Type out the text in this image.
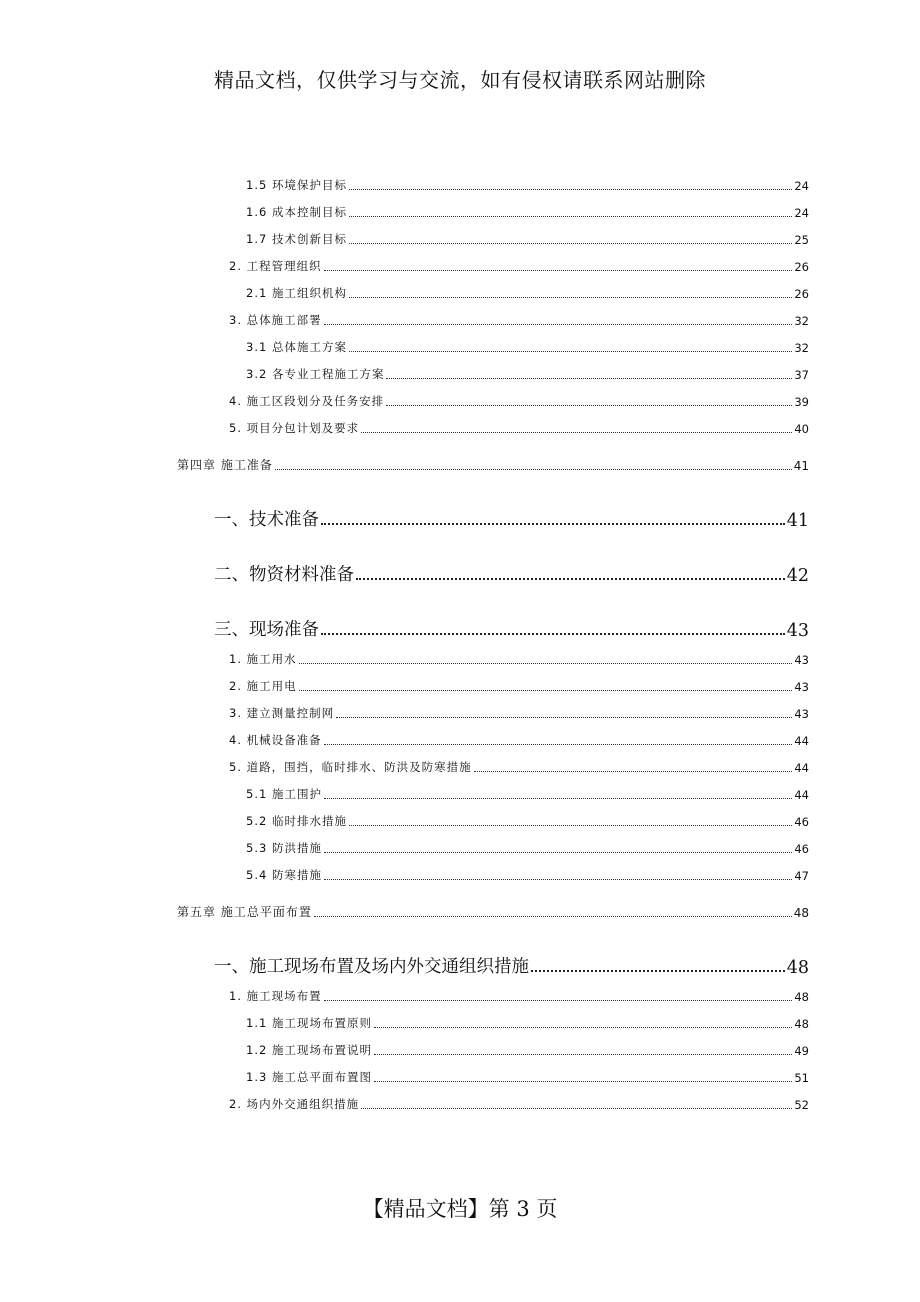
精品文档，仅供学习与交流，如有侵权请联系网站删除
1.5 环境保护目标	24
1.6 成本控制目标	24
1.7 技术创新目标	25
2. 工程管理组织	26
2.1 施工组织机构	26
3. 总体施工部署	32
3.1 总体施工方案	32
3.2 各专业工程施工方案	37
4. 施工区段划分及任务安排	39
5. 项目分包计划及要求	40
第四章 施工准备	41
一、技术准备	41
二、物资材料准备	42
三、现场准备	43
1. 施工用水	43
2. 施工用电	43
3. 建立测量控制网	43
4. 机械设备准备	44
5. 道路，围挡，临时排水、防洪及防寒措施	44
5.1 施工围护	44
5.2 临时排水措施	46
5.3 防洪措施	46
5.4 防寒措施	47
第五章 施工总平面布置	48
一、施工现场布置及场内外交通组织措施	48
1. 施工现场布置	48
1.1 施工现场布置原则	48
1.2 施工现场布置说明	49
1.3 施工总平面布置图	51
2. 场内外交通组织措施	52
【精品文档】第 3 页
